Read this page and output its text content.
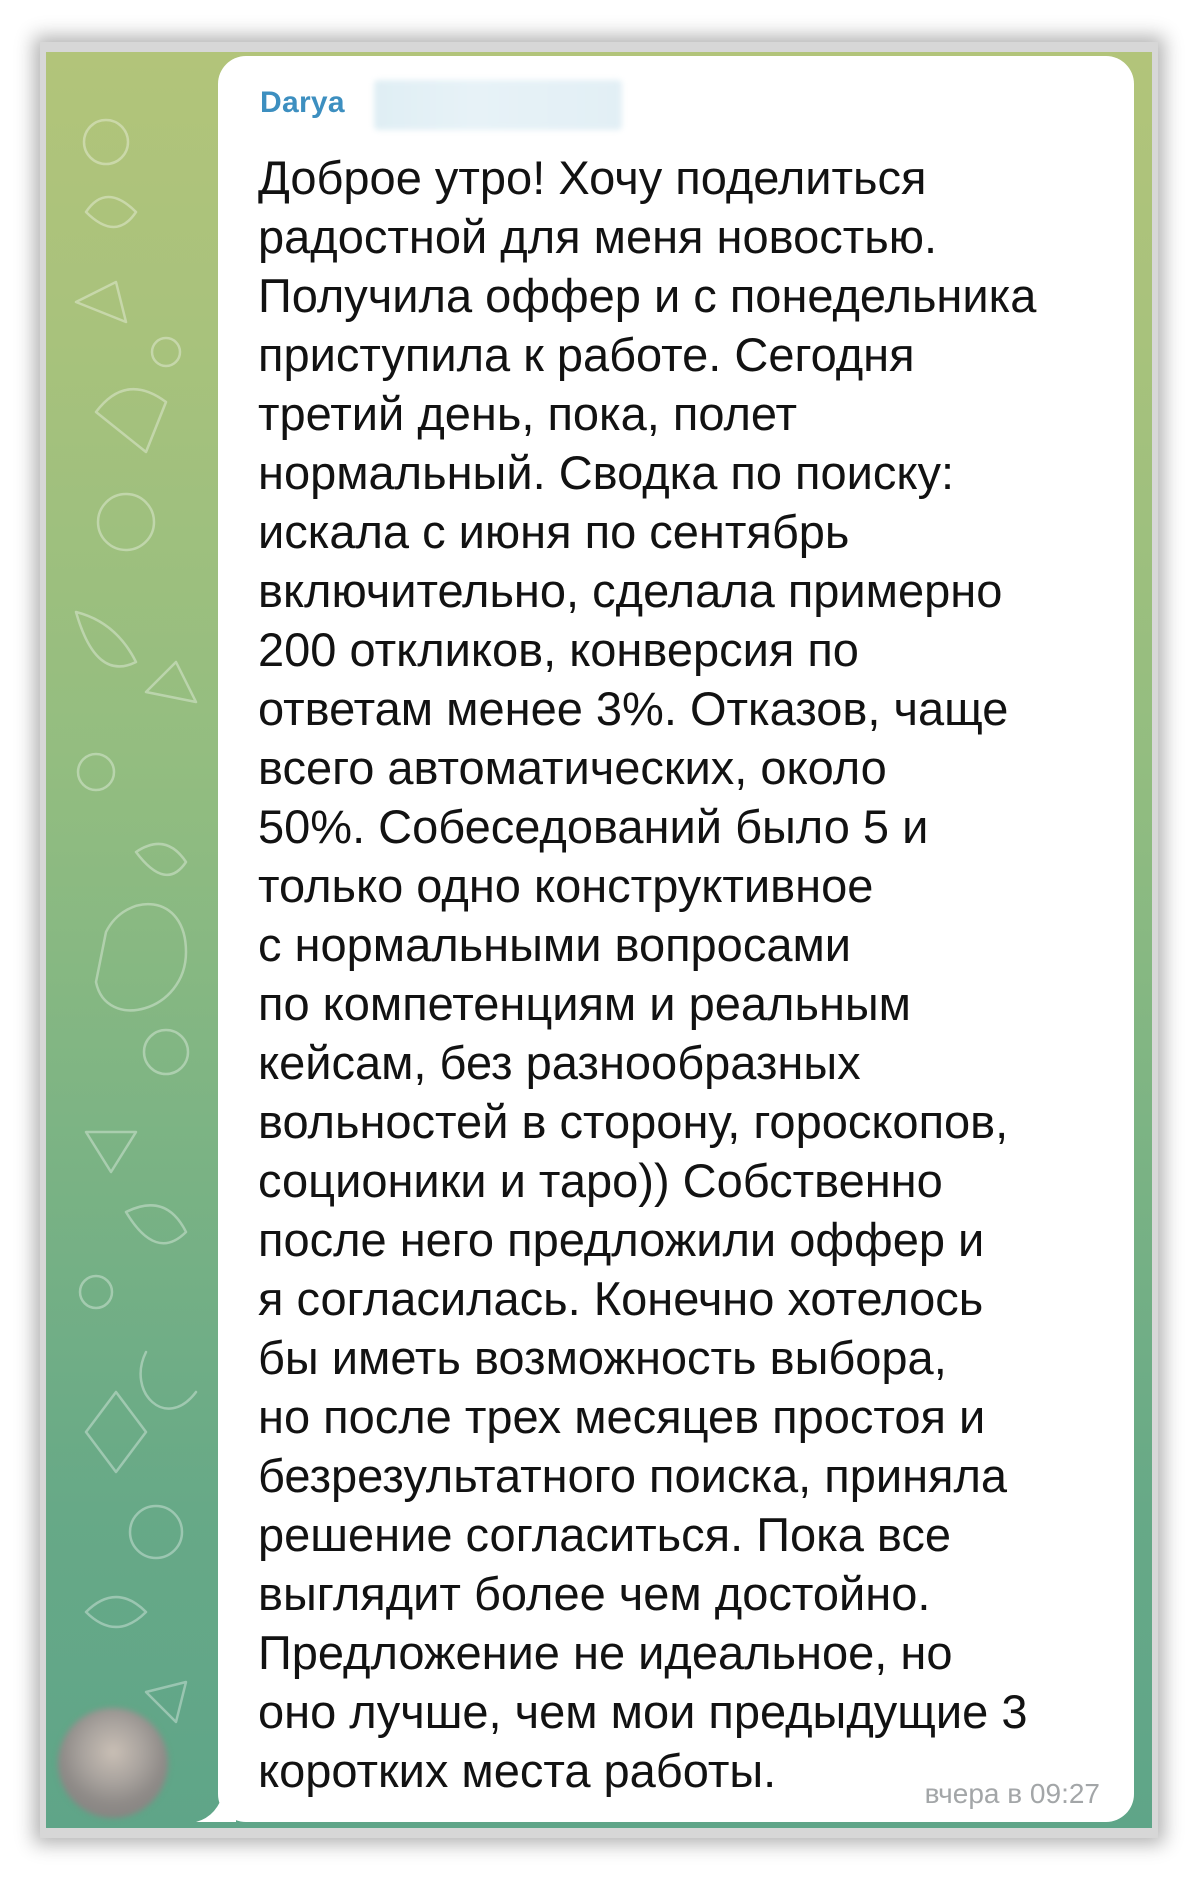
Darya

Доброе утро! Хочу поделиться
радостной для меня новостью.
Получила оффер и с понедельника
приступила к работе. Сегодня
третий день, пока, полет
нормальный. Сводка по поиску:
искала с июня по сентябрь
включительно, сделала примерно
200 откликов, конверсия по
ответам менее 3%. Отказов, чаще
всего автоматических, около
50%. Собеседований было 5 и
только одно конструктивное
с нормальными вопросами
по компетенциям и реальным
кейсам, без разнообразных
вольностей в сторону, гороскопов,
соционики и таро)) Собственно
после него предложили оффер и
я согласилась. Конечно хотелось
бы иметь возможность выбора,
но после трех месяцев простоя и
безрезультатного поиска, приняла
решение согласиться. Пока все
выглядит более чем достойно.
Предложение не идеальное, но
оно лучше, чем мои предыдущие 3
коротких места работы.	вчера в 09:27
